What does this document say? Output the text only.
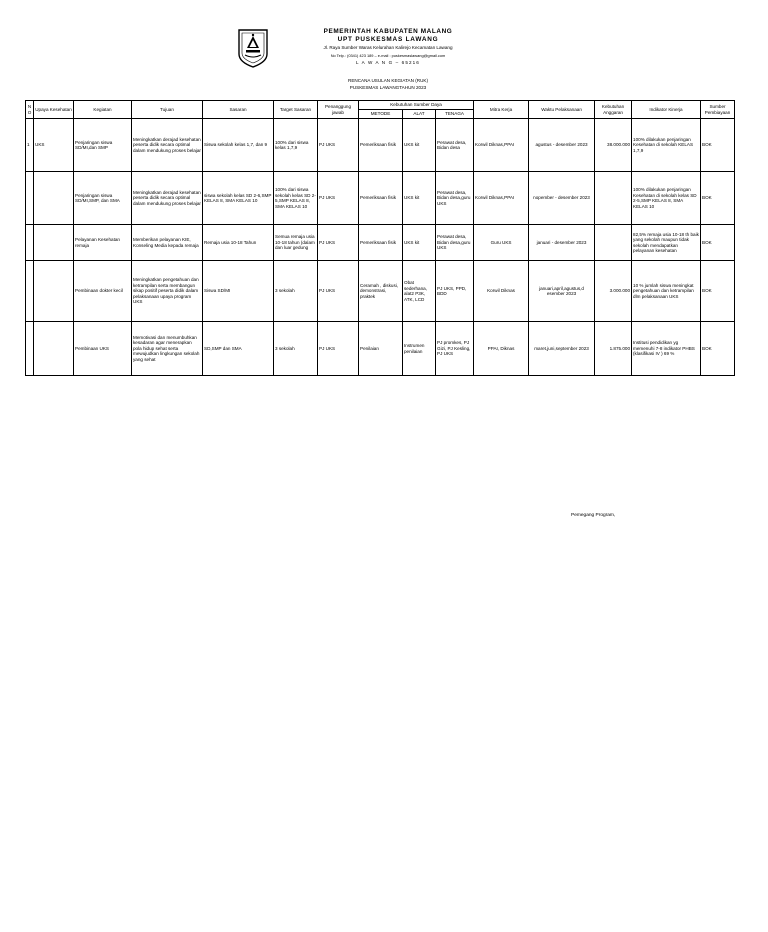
PEMERINTAH KABUPATEN MALANG
UPT PUSKESMAS LAWANG
Jl. Raya Sumber Waras Kelurahan Kalirejo Kecamatan Lawang
No Telp.: (0341) 423 189 – e-mail : puskesmaslawang@gmail.com
L A W A N G – 65216
RENCANA USULAN KEGIATAN (RUK)
PUSKESMAS LAWANGTAHUN 2023
N O	Upaya Kesehatan	Kegiatan	Tujuan	Sasaran	Target Sasaran	Penanggung jawab	Kebutuhan Sumber Daya			Mitra Kerja	Waktu Pelaksanaan	Kebutuhan Anggaran	Indikator Kinerja	Sumber Pembiayaan
							METODE	ALAT	TENAGA					
1	UKS	Penjaringan siswa SD/MI,dan SMP	Meningkatkan derajad kesehatan peserta didik secara optimal dalam mendukung proses belajar	Siswa sekolah kelas 1,7, dan 9	100% dari siswa kelas 1,7,9	PJ UKS	Pemeriksaan fisik	UKS kit	Perawat desa, Bidan desa	Korwil Diknas,PPAI	agustus - desember 2023	38.000.000	100% dilakukan penjaringan Kesehatan di sekolah KELAS 1,7,9	BOK
		Penjaringan siswa SD/MI,SMP, dan SMA	Meningkatkan derajad kesehatan peserta didik secara optimal dalam mendukung proses belajar	siswa sekolah kelas SD 2-6,SMP KELAS 8, SMA KELAS 10	100% dari siswa sekolah kelas SD 2-5,SMP KELAS 8, SMA KELAS 10	PJ UKS	Pemeriksaan fisik	UKS kit	Perawat desa, Bidan desa,guru UKS	Korwil Diknas,PPAI	nopember - desember 2023		100% dilakukan penjaringan Kesehatan di sekolah kelas SD 2-5,SMP KELAS 8, SMA KELAS 10	BOK
		Pelayanan Kesehatan remaja	Memberikan pelayanan KIE, Konseling Media kepada remaja	Remaja usia 10-18 Tahun	Semua remaja usia 10-18 tahun (dalam dan luar gedung	PJ UKS	Pemeriksaan fisik	UKS kit	Perawat desa, Bidan desa,guru UKS	Guru UKS	januari - desember 2023		82,5% remaja usia 10-18 th baik yang sekolah maupun tidak sekolah mendapatkan pelayanan kesehatan	BOK
		Pembinaan dokter kecil	Meningkatkan pengetahuan dan ketrampilan serta membangun sikap positif peserta didik dalam pelaksanaan upaya program UKS	Siswa SD/MI	3 sekolah	PJ UKS	Ceramah , diskusi, demonstrasi, praktek	Obat sederhana, alat2 P3K, ATK, LCD	PJ UKS, PPD, BDD	Korwil Diknas	januari,april,agustus,d esember 2023	3.000.000	10 % jumlah siswa meningkat pengetahuan dan ketrampilan dlm pelaksanaan UKS	BOK
		Pembinaan UKS	Memotivasi dan menumbuhkan kesadaran agar menerapkan pola hidup sehat serta mewujudkan lingkungan sekolah yang sehat	SD,SMP dan SMA	3 sekolah	PJ UKS	Penilaian	Instrumen penilaian	PJ promkes, PJ Gizi, PJ Kesling, PJ UKS	PPAI, Diknas	maret,juni,september 2023	1.875.000	Institusi pendidikan yg memenuhi 7-8 indikator PHBS (klasifikasi IV ) 69 %	BOK
Pemegang Program,
